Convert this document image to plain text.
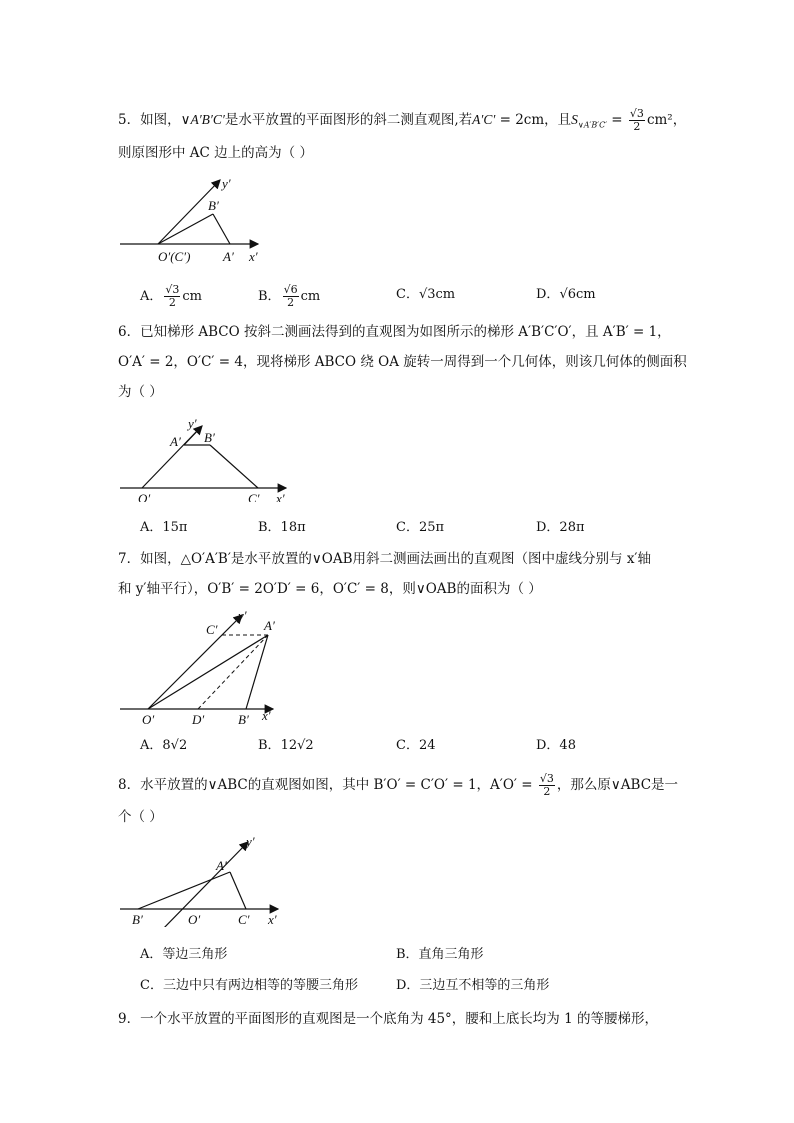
5．如图，∨A′B′C′是水平放置的平面图形的斜二测直观图,若A′C′ = 2cm，且$S_{\vee A'B'C'} = \frac{√3}{2} cm^2$，
则原图形中 AC 边上的高为（ ）
y′
B′
O′(C′)	A′ x′
A． $\frac{√3}{2}$ cm	B． $\frac{√6}{2}$ cm	C．√3cm	D．√6cm
6．已知梯形 ABCO 按斜二测画法得到的直观图为如图所示的梯形 A′B′C′O′，且 A′B′ = 1，
O′A′ = 2，O′C′ = 4，现将梯形 ABCO 绕 OA 旋转一周得到一个几何体，则该几何体的侧面积
为（ ）
y′
A′ B′
O′	C′ x′
A．15π	B．18π	C．25π	D．28π
7．如图，△O′A′B′是水平放置的∨OAB用斜二测画法画出的直观图（图中虚线分别与 x′轴
和 y′轴平行），O′B′ = 2O′D′ = 6，O′C′ = 8，则∨OAB的面积为（ ）
C′
y′
A′
O′	D′	B′ x′
A．8√2	B．12√2	C．24	D．48
8．水平放置的∨ABC的直观图如图，其中 B′O′ = C′O′ = 1，$A'O' = \frac{√3}{2}$ ，那么原∨ABC是一
个（ ）
y′
A′
B′	O′	C′ x′
A．等边三角形	B．直角三角形
C．三边中只有两边相等的等腰三角形	D．三边互不相等的三角形
9．一个水平放置的平面图形的直观图是一个底角为 45°，腰和上底长均为 1 的等腰梯形，
